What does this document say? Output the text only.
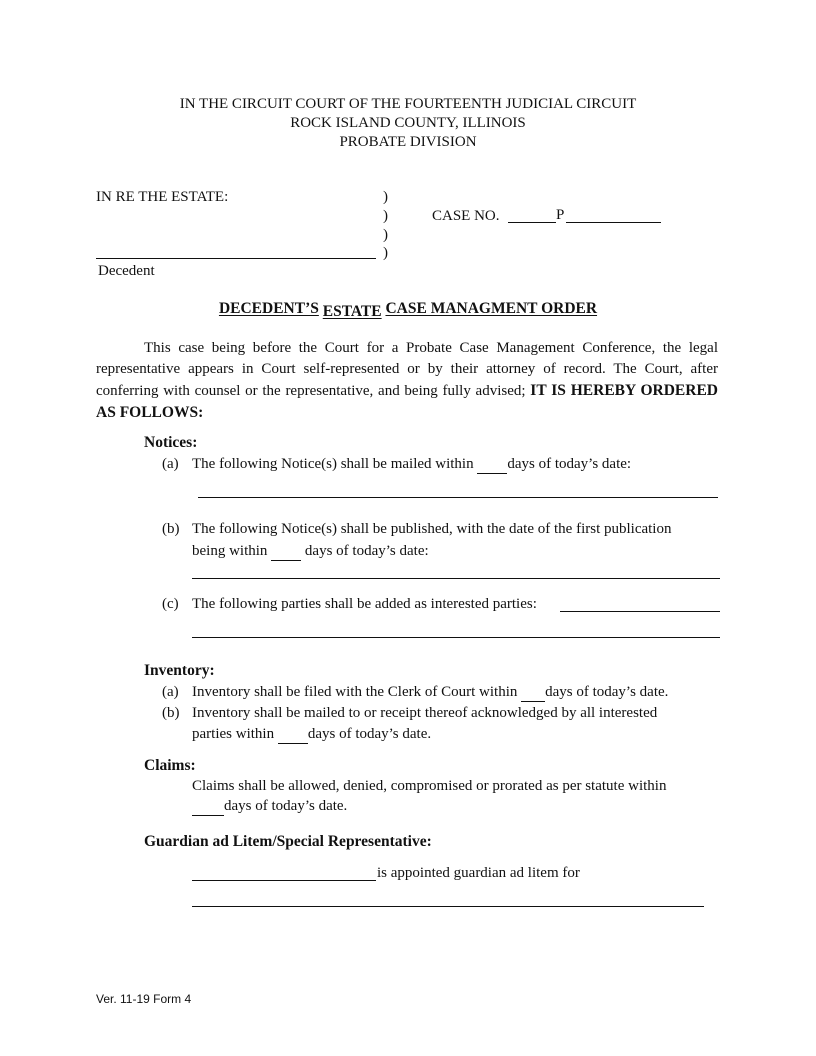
IN THE CIRCUIT COURT OF THE FOURTEENTH JUDICIAL CIRCUIT
ROCK ISLAND COUNTY, ILLINOIS
PROBATE DIVISION
IN RE THE ESTATE:	)
)
)
)
Decedent
CASE NO.	P
DECEDENT’S ESTATE CASE MANAGMENT ORDER
This case being before the Court for a Probate Case Management Conference, the legal representative appears in Court self-represented or by their attorney of record. The Court, after conferring with counsel or the representative, and being fully advised; IT IS HEREBY ORDERED AS FOLLOWS:
Notices:
(a) The following Notice(s) shall be mailed within  days of today’s date:
(b) The following Notice(s) shall be published, with the date of the first publication
being within   days of today’s date:
(c) The following parties shall be added as interested parties:
Inventory:
(a) Inventory shall be filed with the Clerk of Court within  days of today’s date.
(b) Inventory shall be mailed to or receipt thereof acknowledged by all interested
parties within  days of today’s date.
Claims:
Claims shall be allowed, denied, compromised or prorated as per statute within
days of today’s date.
Guardian ad Litem/Special Representative:
is appointed guardian ad litem for
Ver. 11-19 Form 4
